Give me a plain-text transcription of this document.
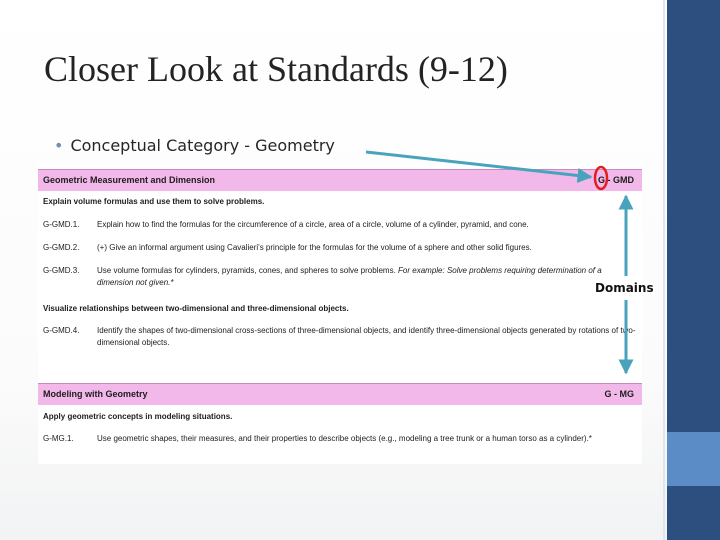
Closer Look at Standards (9-12)
• Conceptual Category - Geometry
Geometric Measurement and Dimension	G - GMD
Explain volume formulas and use them to solve problems.
G-GMD.1. Explain how to find the formulas for the circumference of a circle, area of a circle, volume of a cylinder, pyramid, and cone.
G-GMD.2. (+) Give an informal argument using Cavalieri's principle for the formulas for the volume of a sphere and other solid figures.
G-GMD.3. Use volume formulas for cylinders, pyramids, cones, and spheres to solve problems. For example: Solve problems requiring determination of a dimension not given.*
Visualize relationships between two-dimensional and three-dimensional objects.
G-GMD.4. Identify the shapes of two-dimensional cross-sections of three-dimensional objects, and identify three-dimensional objects generated by rotations of two-dimensional objects.
Modeling with Geometry	G - MG
Apply geometric concepts in modeling situations.
G-MG.1.	Use geometric shapes, their measures, and their properties to describe objects (e.g., modeling a tree trunk or a human torso as a cylinder).*
Domains
